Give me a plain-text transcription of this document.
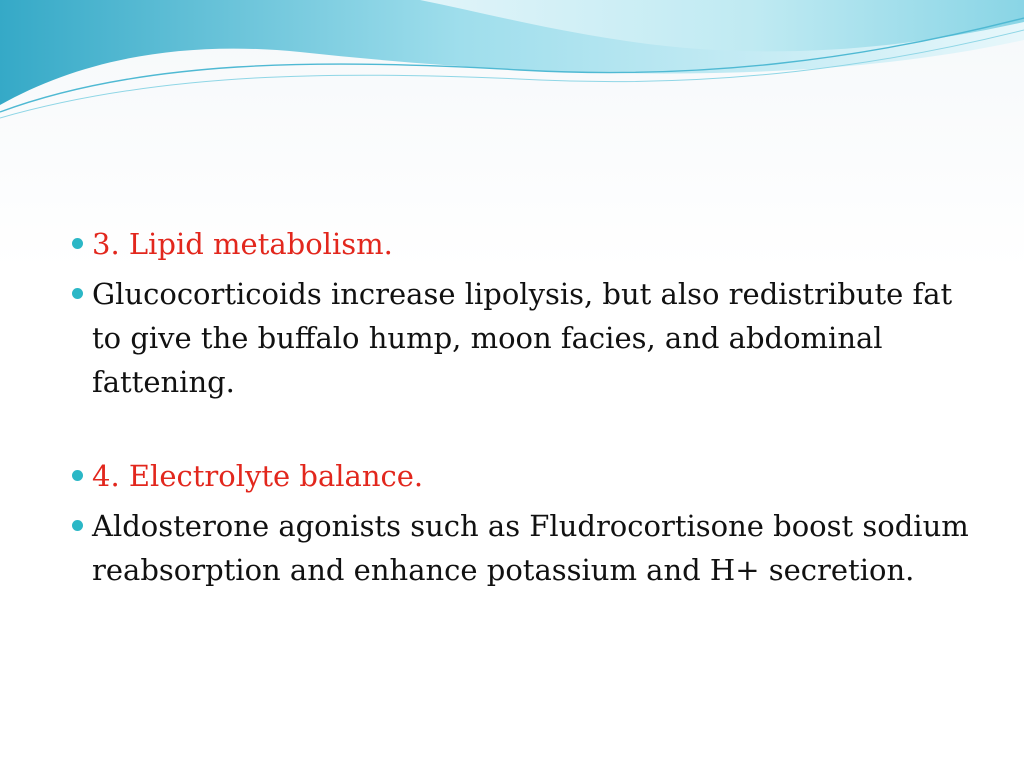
3. Lipid metabolism.
Glucocorticoids increase lipolysis, but also redistribute fat to give the buffalo hump, moon facies, and abdominal fattening.
4. Electrolyte balance.
Aldosterone agonists such as Fludrocortisone boost sodium reabsorption and enhance potassium and H+ secretion.
